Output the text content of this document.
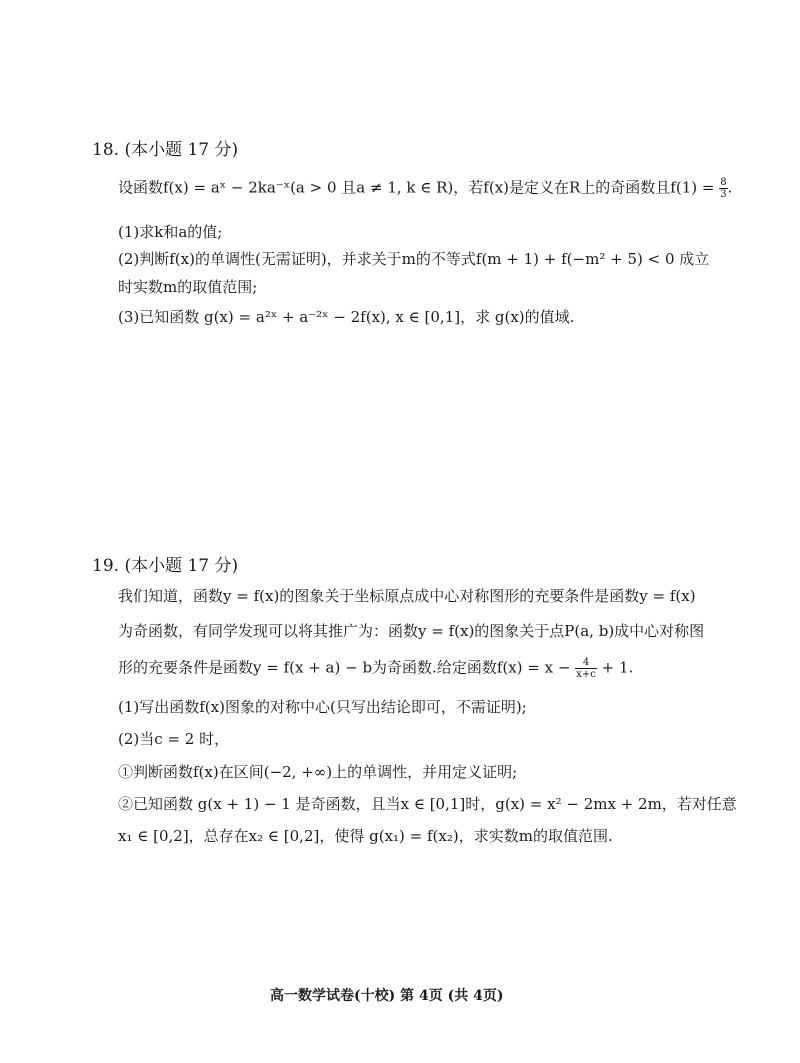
18. (本小题 17 分)
设函数f(x) = aˣ − 2ka⁻ˣ(a > 0 且a ≠ 1, k ∈ R)，若f(x)是定义在R上的奇函数且$f(1) = \frac{8}{3}$ .
(1)求k和a的值;
(2)判断f(x)的单调性(无需证明)，并求关于m的不等式f(m + 1) + f(−m² + 5) < 0 成立
时实数m的取值范围;
(3)已知函数 g(x) = a²ˣ + a⁻²ˣ − 2f(x), x ∈ [0,1]，求 g(x)的值域.
19. (本小题 17 分)
我们知道，函数y = f(x)的图象关于坐标原点成中心对称图形的充要条件是函数y = f(x)
为奇函数，有同学发现可以将其推广为：函数y = f(x)的图象关于点P(a, b)成中心对称图
形的充要条件是函数y = f(x + a) − b为奇函数.给定函数$f(x) = x - \frac{4}{x+c} + 1$.
(1)写出函数f(x)图象的对称中心(只写出结论即可，不需证明);
(2)当c = 2 时，
①判断函数f(x)在区间(−2, +∞)上的单调性，并用定义证明;
②已知函数 g(x + 1) − 1 是奇函数，且当x ∈ [0,1]时，g(x) = x² − 2mx + 2m，若对任意
x₁ ∈ [0,2]，总存在x₂ ∈ [0,2]，使得 g(x₁) = f(x₂)，求实数m的取值范围.
高一数学试卷(十校) 第 4页 (共 4页)
